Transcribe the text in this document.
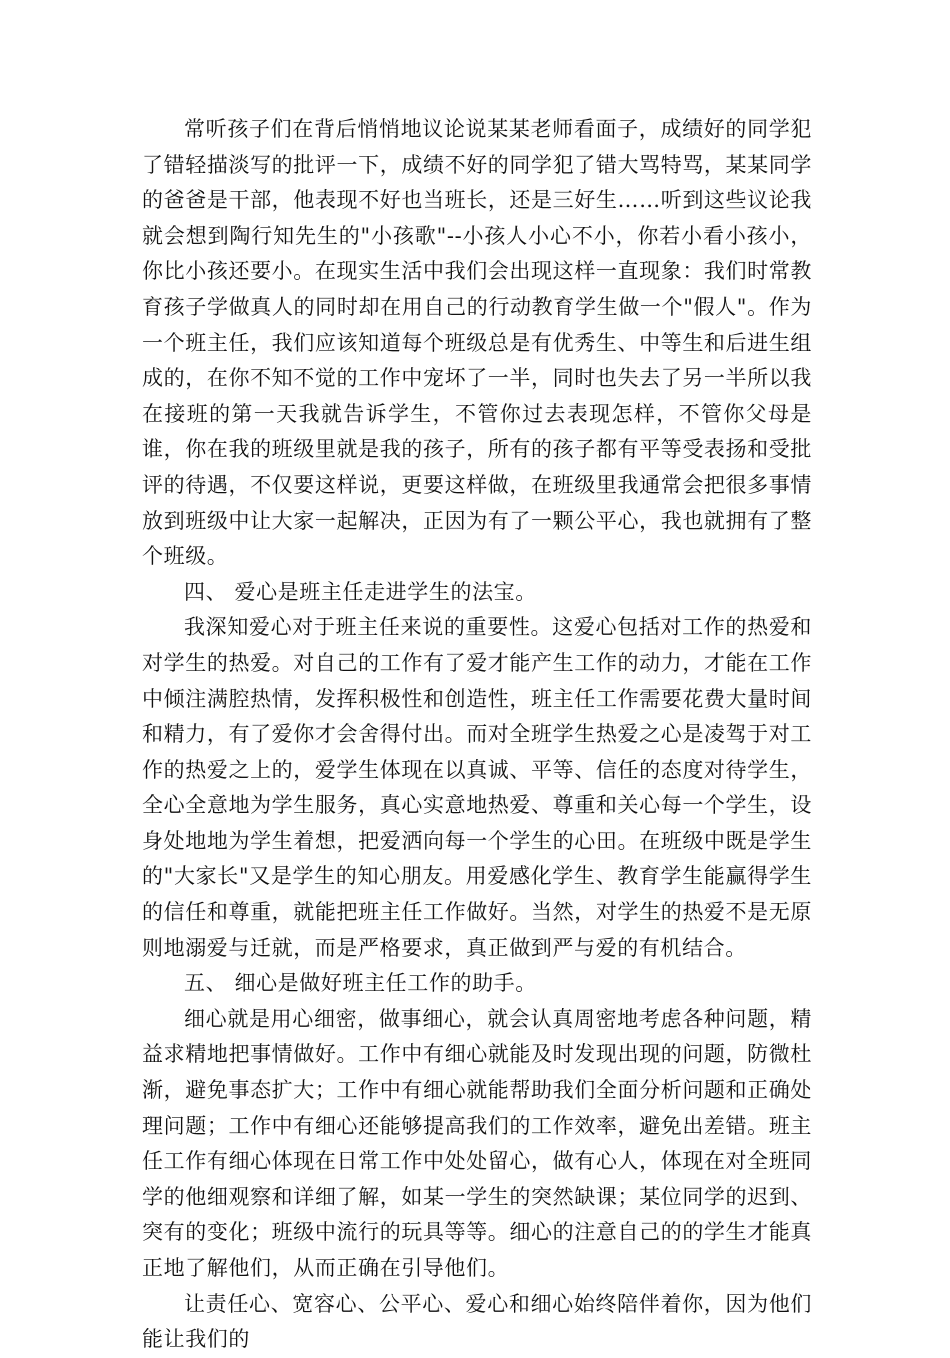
常听孩子们在背后悄悄地议论说某某老师看面子，成绩好的同学犯了错轻描淡写的批评一下，成绩不好的同学犯了错大骂特骂，某某同学的爸爸是干部，他表现不好也当班长，还是三好生……听到这些议论我就会想到陶行知先生的"小孩歌"--小孩人小心不小，你若小看小孩小，你比小孩还要小。在现实生活中我们会出现这样一直现象：我们时常教育孩子学做真人的同时却在用自己的行动教育学生做一个"假人"。作为一个班主任，我们应该知道每个班级总是有优秀生、中等生和后进生组成的，在你不知不觉的工作中宠坏了一半，同时也失去了另一半所以我在接班的第一天我就告诉学生，不管你过去表现怎样，不管你父母是谁，你在我的班级里就是我的孩子，所有的孩子都有平等受表扬和受批评的待遇，不仅要这样说，更要这样做，在班级里我通常会把很多事情放到班级中让大家一起解决，正因为有了一颗公平心，我也就拥有了整个班级。

四、 爱心是班主任走进学生的法宝。

我深知爱心对于班主任来说的重要性。这爱心包括对工作的热爱和对学生的热爱。对自己的工作有了爱才能产生工作的动力，才能在工作中倾注满腔热情，发挥积极性和创造性，班主任工作需要花费大量时间和精力，有了爱你才会舍得付出。而对全班学生热爱之心是凌驾于对工作的热爱之上的，爱学生体现在以真诚、平等、信任的态度对待学生，全心全意地为学生服务，真心实意地热爱、尊重和关心每一个学生，设身处地地为学生着想，把爱洒向每一个学生的心田。在班级中既是学生的"大家长"又是学生的知心朋友。用爱感化学生、教育学生能赢得学生的信任和尊重，就能把班主任工作做好。当然，对学生的热爱不是无原则地溺爱与迁就，而是严格要求，真正做到严与爱的有机结合。

五、 细心是做好班主任工作的助手。

细心就是用心细密，做事细心，就会认真周密地考虑各种问题，精益求精地把事情做好。工作中有细心就能及时发现出现的问题，防微杜渐，避免事态扩大；工作中有细心就能帮助我们全面分析问题和正确处理问题；工作中有细心还能够提高我们的工作效率，避免出差错。班主任工作有细心体现在日常工作中处处留心，做有心人，体现在对全班同学的他细观察和详细了解，如某一学生的突然缺课；某位同学的迟到、突有的变化；班级中流行的玩具等等。细心的注意自己的的学生才能真正地了解他们，从而正确在引导他们。

让责任心、宽容心、公平心、爱心和细心始终陪伴着你，因为他们能让我们的
